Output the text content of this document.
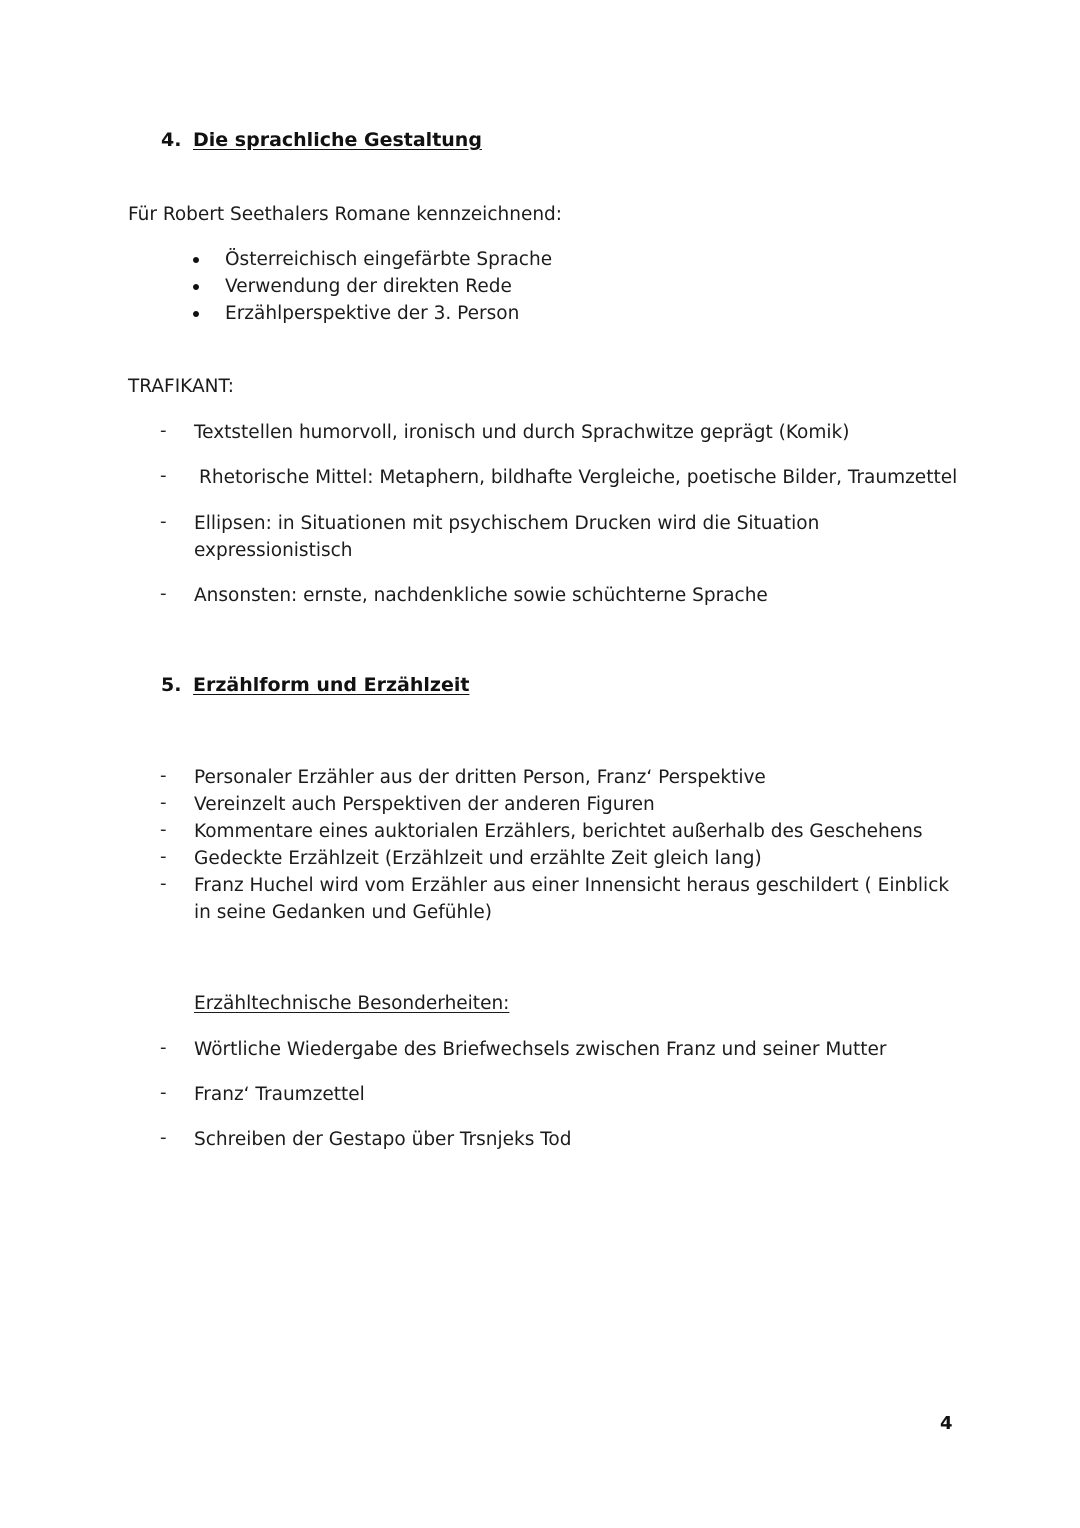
4. Die sprachliche Gestaltung
Für Robert Seethalers Romane kennzeichnend:
Österreichisch eingefärbte Sprache
Verwendung der direkten Rede
Erzählperspektive der 3. Person
TRAFIKANT:
- Textstellen humorvoll, ironisch und durch Sprachwitze geprägt (Komik)
- Rhetorische Mittel: Metaphern, bildhafte Vergleiche, poetische Bilder, Traumzettel
- Ellipsen: in Situationen mit psychischem Drucken wird die Situation expressionistisch
- Ansonsten: ernste, nachdenkliche sowie schüchterne Sprache
5. Erzählform und Erzählzeit
- Personaler Erzähler aus der dritten Person, Franz‘ Perspektive
- Vereinzelt auch Perspektiven der anderen Figuren
- Kommentare eines auktorialen Erzählers, berichtet außerhalb des Geschehens
- Gedeckte Erzählzeit (Erzählzeit und erzählte Zeit gleich lang)
- Franz Huchel wird vom Erzähler aus einer Innensicht heraus geschildert ( Einblick in seine Gedanken und Gefühle)
Erzähltechnische Besonderheiten:
- Wörtliche Wiedergabe des Briefwechsels zwischen Franz und seiner Mutter
- Franz‘ Traumzettel
- Schreiben der Gestapo über Trsnjeks Tod
4
